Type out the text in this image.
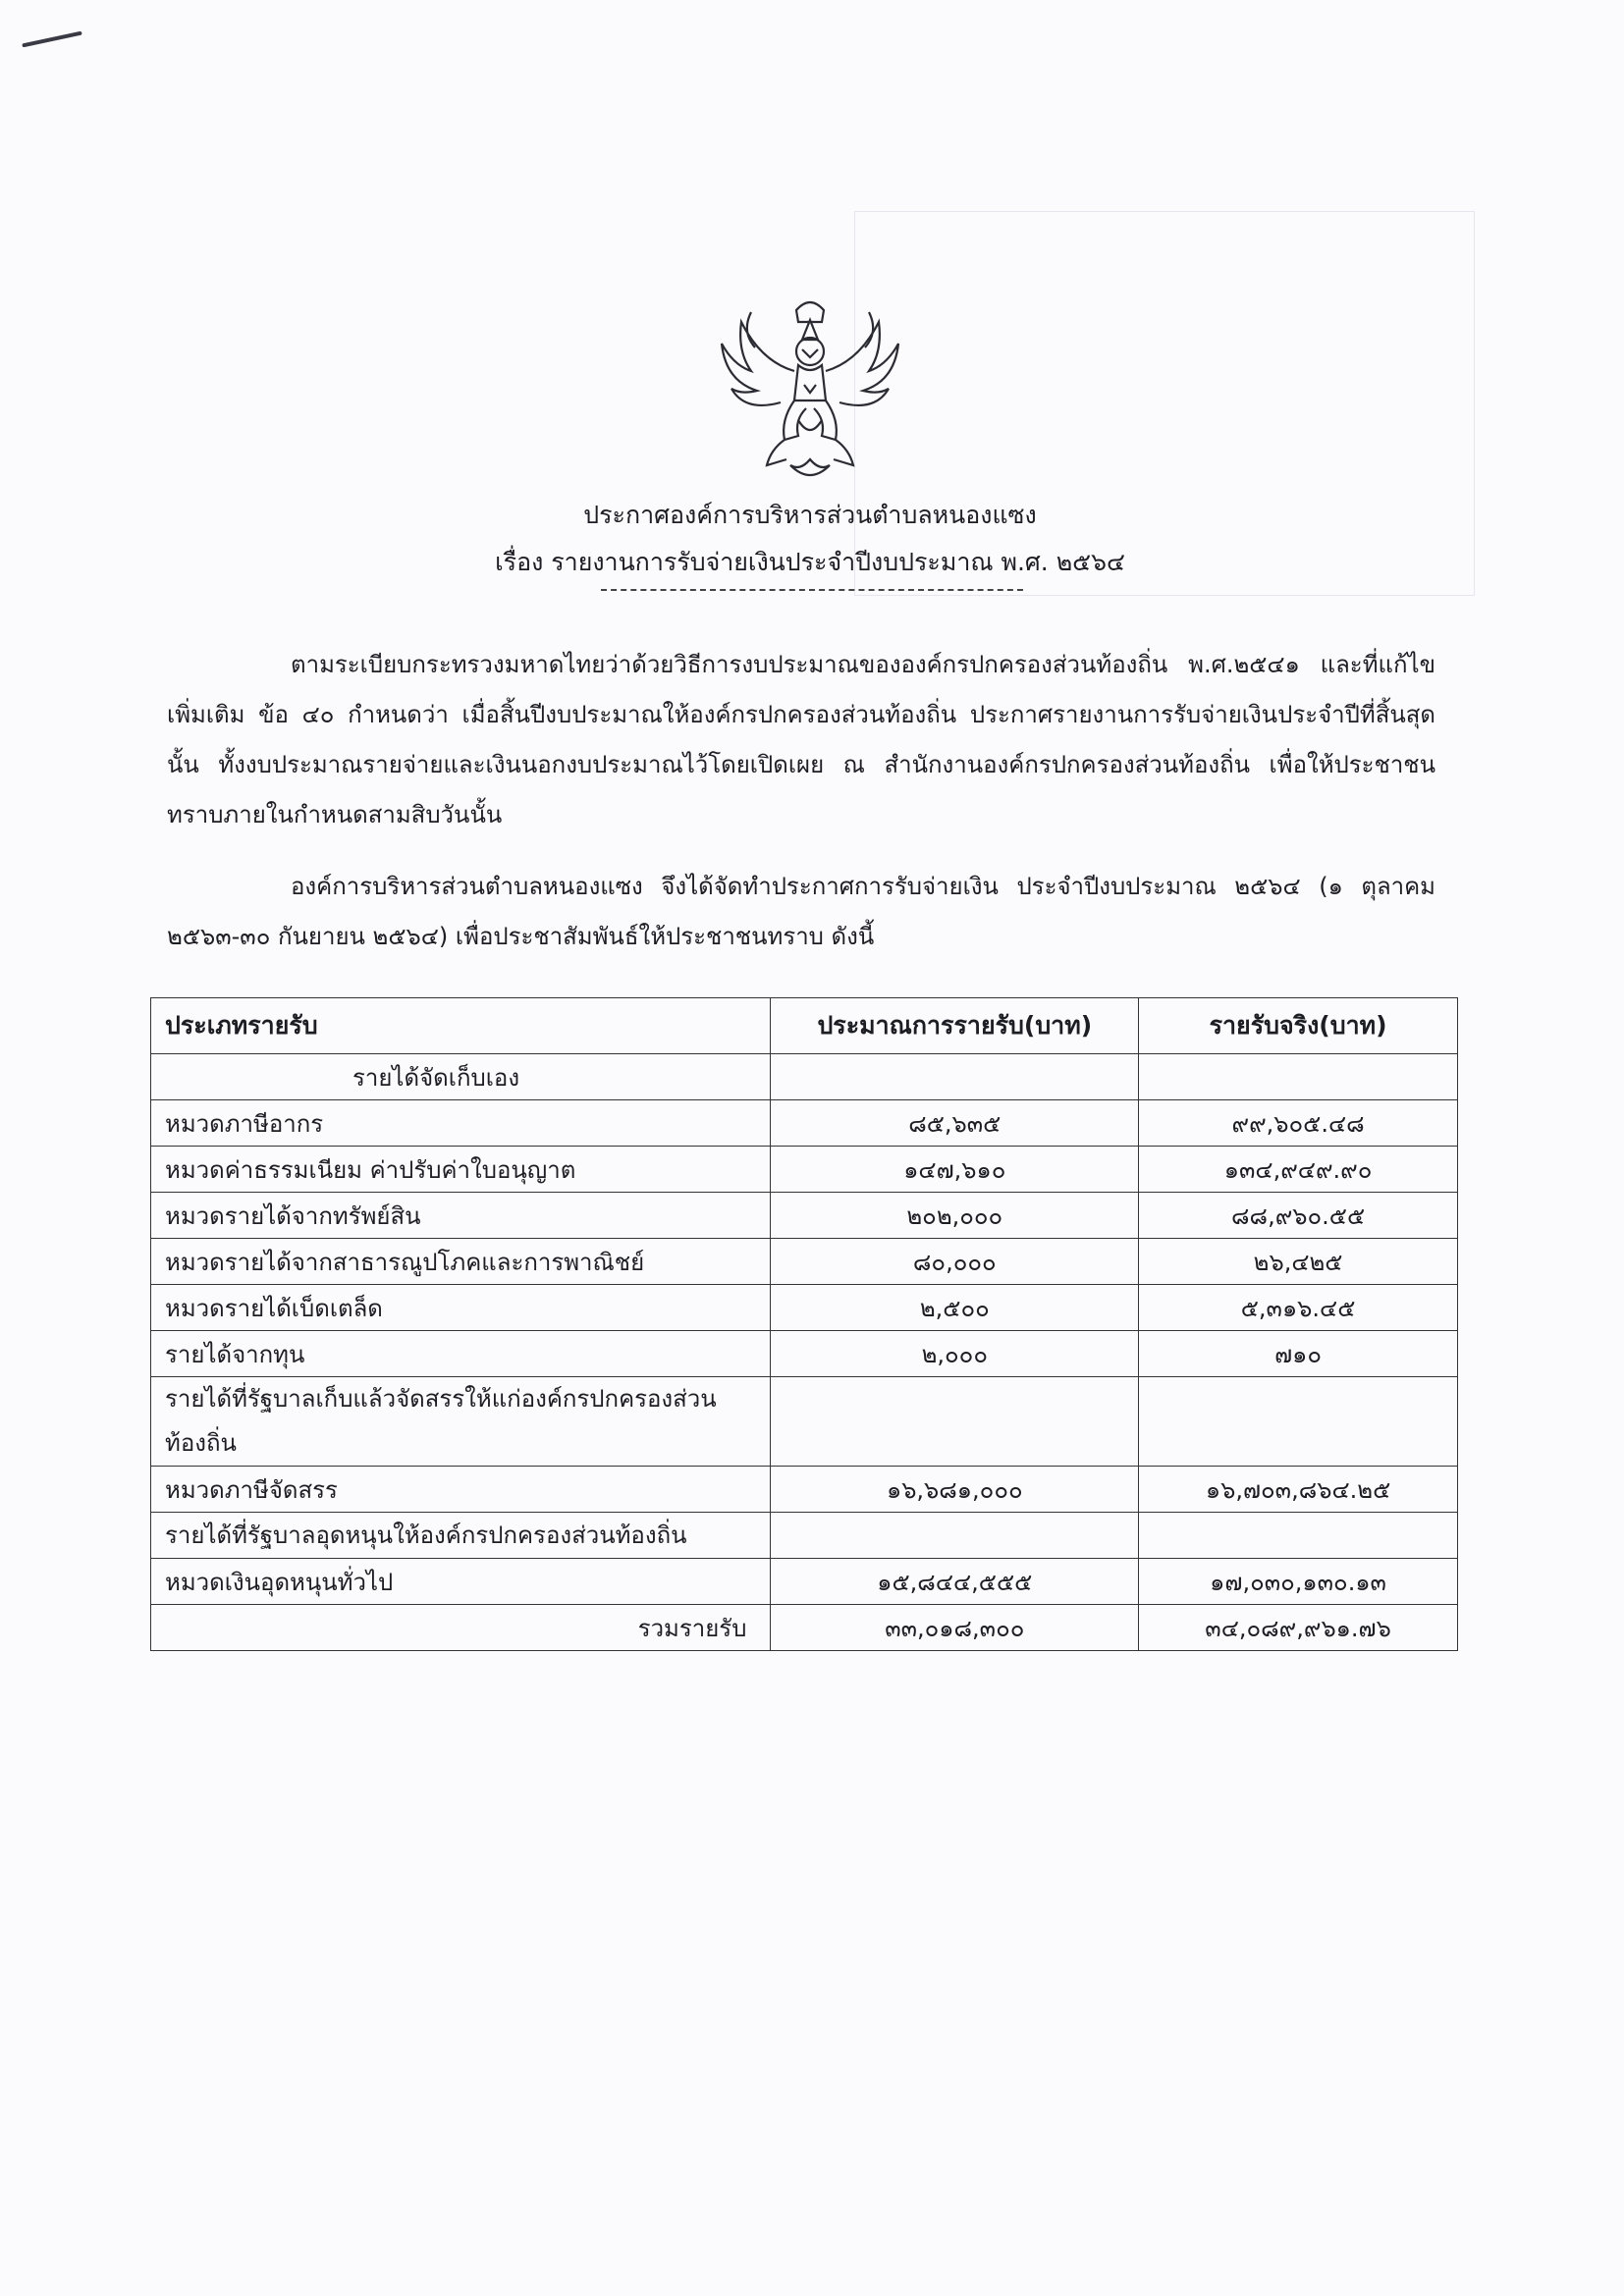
ประกาศองค์การบริหารส่วนตำบลหนองแซง
เรื่อง รายงานการรับจ่ายเงินประจำปีงบประมาณ พ.ศ. ๒๕๖๔
ตามระเบียบกระทรวงมหาดไทยว่าด้วยวิธีการงบประมาณขององค์กรปกครองส่วนท้องถิ่น พ.ศ.๒๕๔๑ และที่แก้ไขเพิ่มเติม ข้อ ๔๐ กำหนดว่า เมื่อสิ้นปีงบประมาณให้องค์กรปกครองส่วนท้องถิ่น ประกาศรายงานการรับจ่ายเงินประจำปีที่สิ้นสุดนั้น ทั้งงบประมาณรายจ่ายและเงินนอกงบประมาณไว้โดยเปิดเผย ณ สำนักงานองค์กรปกครองส่วนท้องถิ่น เพื่อให้ประชาชนทราบภายในกำหนดสามสิบวันนั้น
องค์การบริหารส่วนตำบลหนองแซง จึงได้จัดทำประกาศการรับจ่ายเงิน ประจำปีงบประมาณ ๒๕๖๔ (๑ ตุลาคม ๒๕๖๓-๓๐ กันยายน ๒๕๖๔) เพื่อประชาสัมพันธ์ให้ประชาชนทราบ ดังนี้
ประเภทรายรับ	ประมาณการรายรับ(บาท)	รายรับจริง(บาท)
รายได้จัดเก็บเอง		
หมวดภาษีอากร	๘๕,๖๓๕	๙๙,๖๐๕.๔๘
หมวดค่าธรรมเนียม ค่าปรับค่าใบอนุญาต	๑๔๗,๖๑๐	๑๓๔,๙๔๙.๙๐
หมวดรายได้จากทรัพย์สิน	๒๐๒,๐๐๐	๘๘,๙๖๐.๕๕
หมวดรายได้จากสาธารณูปโภคและการพาณิชย์	๘๐,๐๐๐	๒๖,๔๒๕
หมวดรายได้เบ็ดเตล็ด	๒,๕๐๐	๕,๓๑๖.๔๕
รายได้จากทุน	๒,๐๐๐	๗๑๐
รายได้ที่รัฐบาลเก็บแล้วจัดสรรให้แก่องค์กรปกครองส่วนท้องถิ่น		
หมวดภาษีจัดสรร	๑๖,๖๘๑,๐๐๐	๑๖,๗๐๓,๘๖๔.๒๕
รายได้ที่รัฐบาลอุดหนุนให้องค์กรปกครองส่วนท้องถิ่น		
หมวดเงินอุดหนุนทั่วไป	๑๕,๘๔๔,๕๕๕	๑๗,๐๓๐,๑๓๐.๑๓
รวมรายรับ	๓๓,๐๑๘,๓๐๐	๓๔,๐๘๙,๙๖๑.๗๖
